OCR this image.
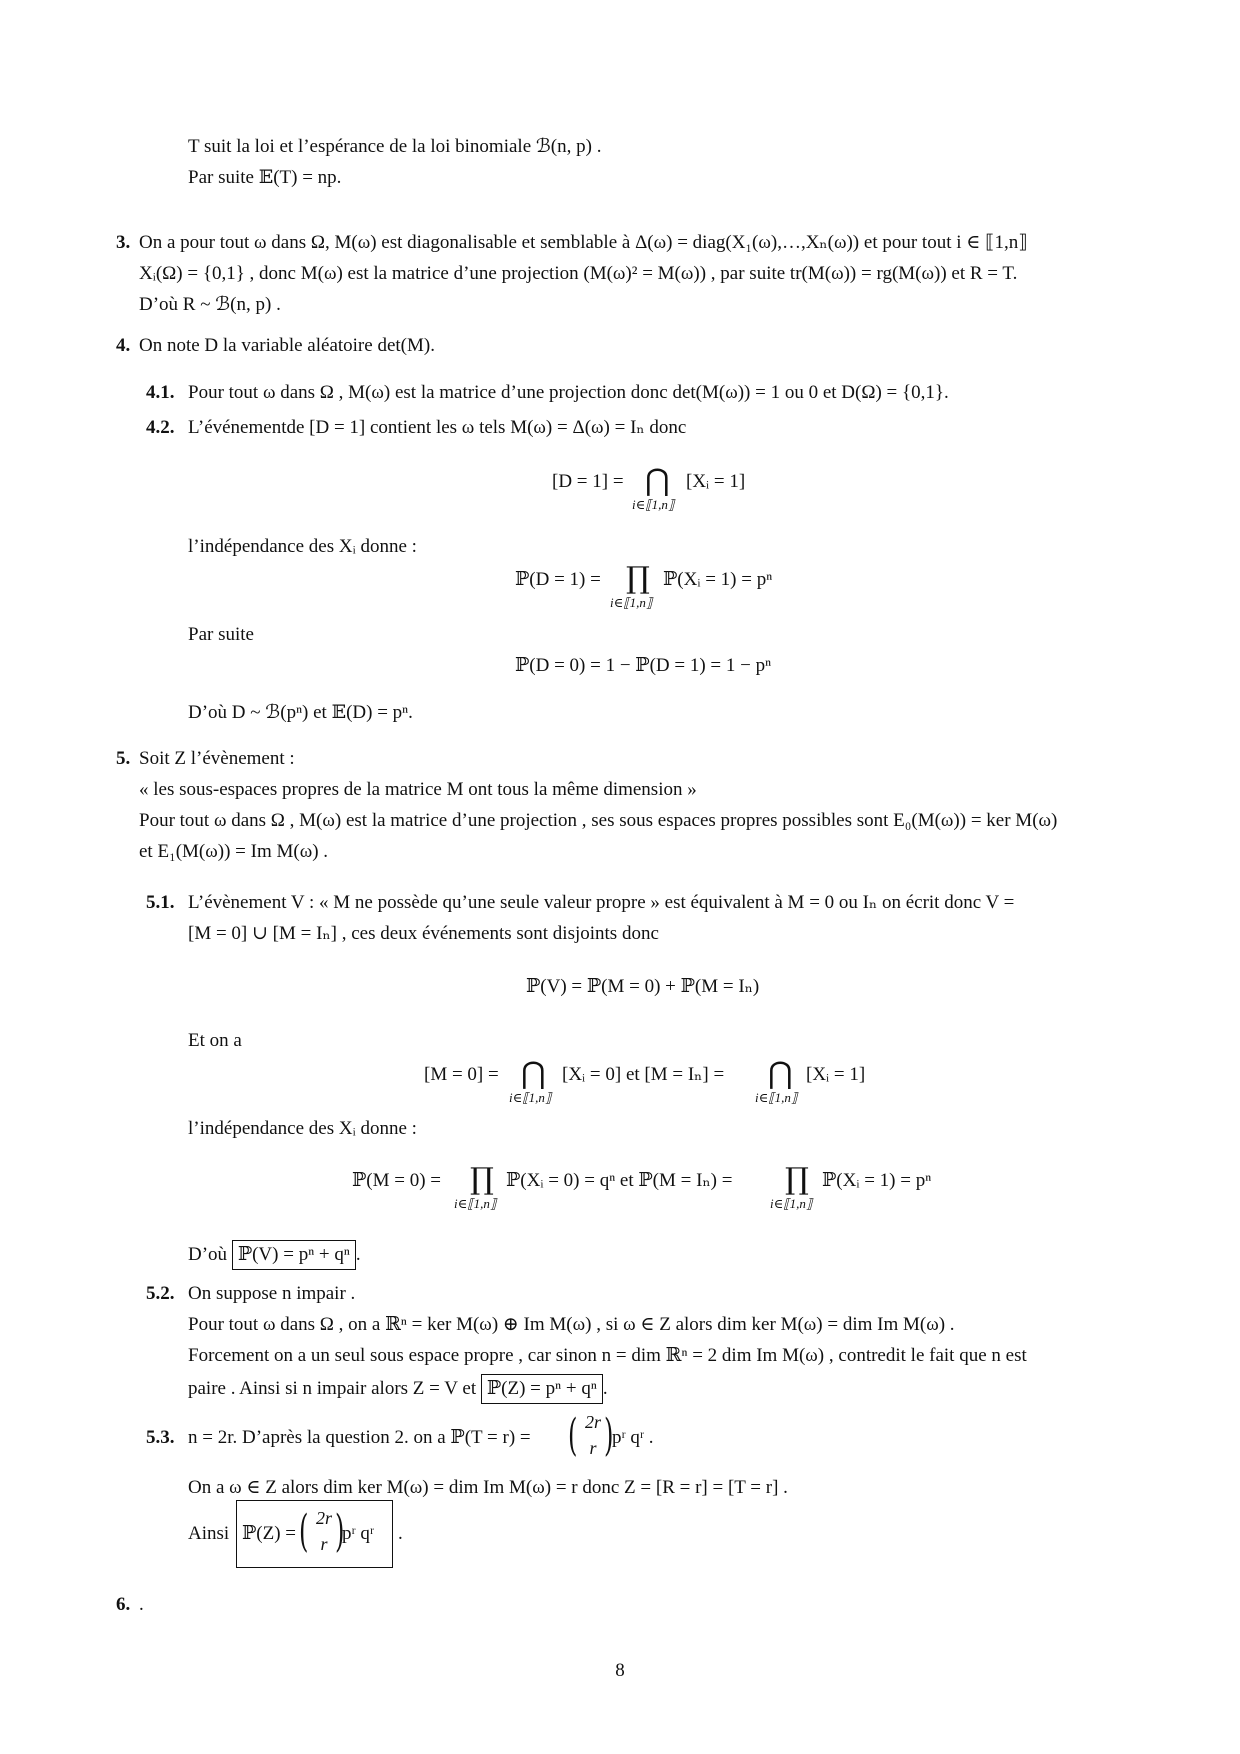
T suit la loi et l’espérance de la loi binomiale ℬ(n, p) .
Par suite 𝔼(T) = np.
3. On a pour tout ω dans Ω, M(ω) est diagonalisable et semblable à Δ(ω) = diag(X₁(ω),…,Xₙ(ω)) et pour tout i ∈ ⟦1,n⟧
Xᵢ(Ω) = {0,1} , donc M(ω) est la matrice d’une projection (M(ω)² = M(ω)) , par suite tr(M(ω)) = rg(M(ω)) et R = T.
D’où R ~ ℬ(n, p) .
4. On note D la variable aléatoire det(M).
4.1. Pour tout ω dans Ω , M(ω) est la matrice d’une projection donc det(M(ω)) = 1 ou 0 et D(Ω) = {0,1}.
4.2. L’événementde [D = 1] contient les ω tels M(ω) = Δ(ω) = Iₙ donc
[D = 1] = ⋂ [Xᵢ = 1]
i∈⟦1,n⟧
l’indépendance des Xᵢ donne :
ℙ(D = 1) = ∏ ℙ(Xᵢ = 1) = pⁿ
i∈⟦1,n⟧
Par suite
ℙ(D = 0) = 1 − ℙ(D = 1) = 1 − pⁿ
D’où D ~ ℬ(pⁿ) et 𝔼(D) = pⁿ.
5. Soit Z l’évènement :
« les sous-espaces propres de la matrice M ont tous la même dimension »
Pour tout ω dans Ω , M(ω) est la matrice d’une projection , ses sous espaces propres possibles sont E₀(M(ω)) = ker M(ω)
et E₁(M(ω)) = Im M(ω) .
5.1. L’évènement V : « M ne possède qu’une seule valeur propre » est équivalent à M = 0 ou Iₙ on écrit donc V =
[M = 0] ∪ [M = Iₙ] , ces deux événements sont disjoints donc
ℙ(V) = ℙ(M = 0) + ℙ(M = Iₙ)
Et on a
[M = 0] = ⋂ [Xᵢ = 0] et [M = Iₙ] = ⋂ [Xᵢ = 1]
i∈⟦1,n⟧	i∈⟦1,n⟧
l’indépendance des Xᵢ donne :
ℙ(M = 0) = ∏ ℙ(Xᵢ = 0) = qⁿ et ℙ(M = Iₙ) = ∏ ℙ(Xᵢ = 1) = pⁿ
i∈⟦1,n⟧	i∈⟦1,n⟧
D’où ℙ(V) = pⁿ + qⁿ .
5.2. On suppose n impair .
Pour tout ω dans Ω , on a ℝⁿ = ker M(ω) ⊕ Im M(ω) , si ω ∈ Z alors dim ker M(ω) = dim Im M(ω) .
Forcement on a un seul sous espace propre , car sinon n = dim ℝⁿ = 2 dim Im M(ω) , contredit le fait que n est
paire . Ainsi si n impair alors Z = V et ℙ(Z) = pⁿ + qⁿ .
5.3. n = 2r. D’après la question 2. on a ℙ(T = r) = ( 2r
r )
pʳ qʳ .
On a ω ∈ Z alors dim ker M(ω) = dim Im M(ω) = r donc Z = [R = r] = [T = r] .
Ainsi ℙ(Z) = ( 2r
r )
pʳ qʳ .
6. .
8
